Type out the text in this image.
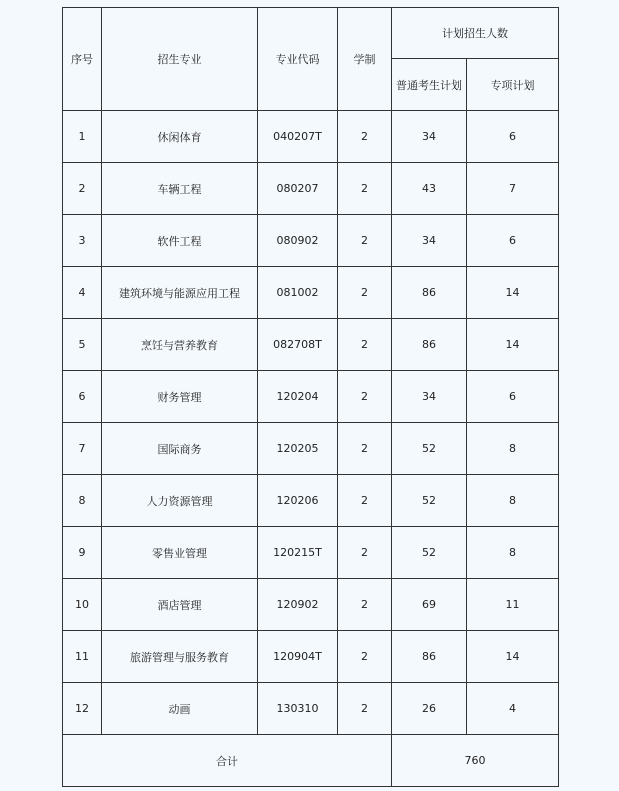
序号	招生专业	专业代码	学制	计划招生人数	
				普通考生计划	专项计划
1	休闲体育	040207T	2	34	6
2	车辆工程	080207	2	43	7
3	软件工程	080902	2	34	6
4	建筑环境与能源应用工程	081002	2	86	14
5	烹饪与营养教育	082708T	2	86	14
6	财务管理	120204	2	34	6
7	国际商务	120205	2	52	8
8	人力资源管理	120206	2	52	8
9	零售业管理	120215T	2	52	8
10	酒店管理	120902	2	69	11
11	旅游管理与服务教育	120904T	2	86	14
12	动画	130310	2	26	4
合计				760	
